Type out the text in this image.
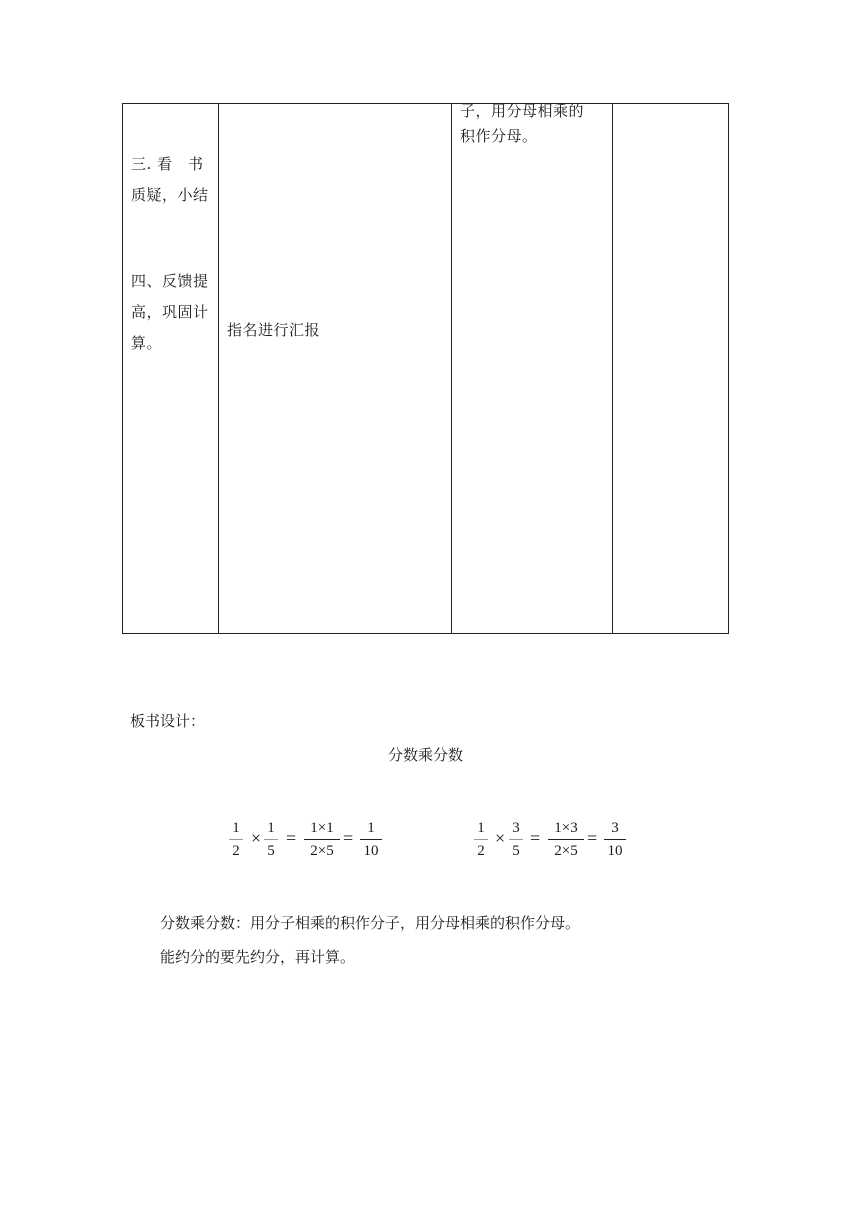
三. 看　书
质疑，小结
四、反馈提
高，巩固计
算。
指名进行汇报
子，用分母相乘的
积作分母。
板书设计：
分数乘分数
1
2
× 1
5
= 1×1
2×5
= 1
10
1
2
× 3
5
= 1×3
2×5
= 3
10
分数乘分数：用分子相乘的积作分子，用分母相乘的积作分母。
能约分的要先约分，再计算。
